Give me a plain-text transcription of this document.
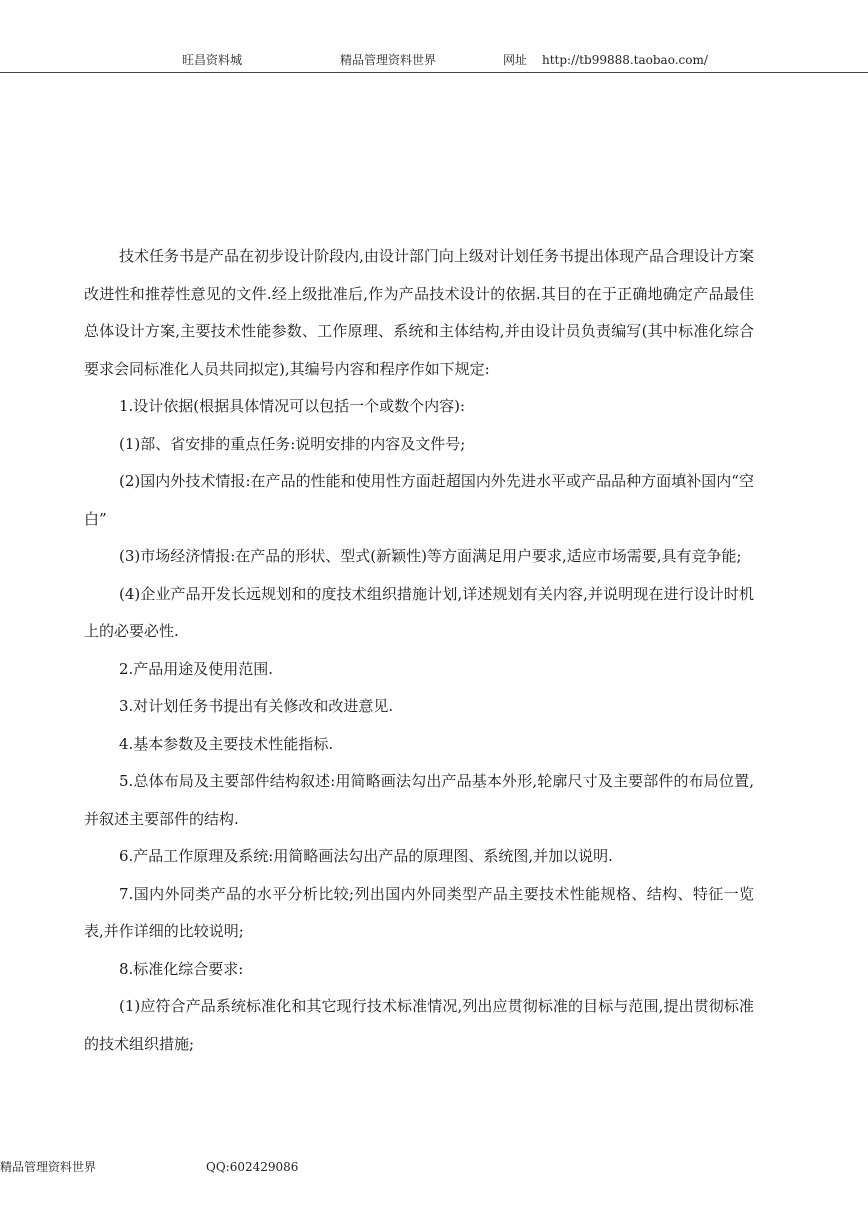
旺昌资料城	精品管理资料世界	网址 http://tb99888.taobao.com/

技术任务书是产品在初步设计阶段内,由设计部门向上级对计划任务书提出体现产品合理设计方案改进性和推荐性意见的文件.经上级批准后,作为产品技术设计的依据.其目的在于正确地确定产品最佳总体设计方案,主要技术性能参数、工作原理、系统和主体结构,并由设计员负责编写(其中标准化综合要求会同标准化人员共同拟定),其编号内容和程序作如下规定:

1.设计依据(根据具体情况可以包括一个或数个内容):

(1)部、省安排的重点任务:说明安排的内容及文件号;

(2)国内外技术情报:在产品的性能和使用性方面赶超国内外先进水平或产品品种方面填补国内“空白”

(3)市场经济情报:在产品的形状、型式(新颖性)等方面满足用户要求,适应市场需要,具有竞争能;

(4)企业产品开发长远规划和的度技术组织措施计划,详述规划有关内容,并说明现在进行设计时机上的必要必性.

2.产品用途及使用范围.

3.对计划任务书提出有关修改和改进意见.

4.基本参数及主要技术性能指标.

5.总体布局及主要部件结构叙述:用简略画法勾出产品基本外形,轮廓尺寸及主要部件的布局位置,并叙述主要部件的结构.

6.产品工作原理及系统:用简略画法勾出产品的原理图、系统图,并加以说明.

7.国内外同类产品的水平分析比较;列出国内外同类型产品主要技术性能规格、结构、特征一览表,并作详细的比较说明;

8.标准化综合要求:

(1)应符合产品系统标准化和其它现行技术标准情况,列出应贯彻标准的目标与范围,提出贯彻标准的技术组织措施;

精品管理资料世界	QQ:602429086
